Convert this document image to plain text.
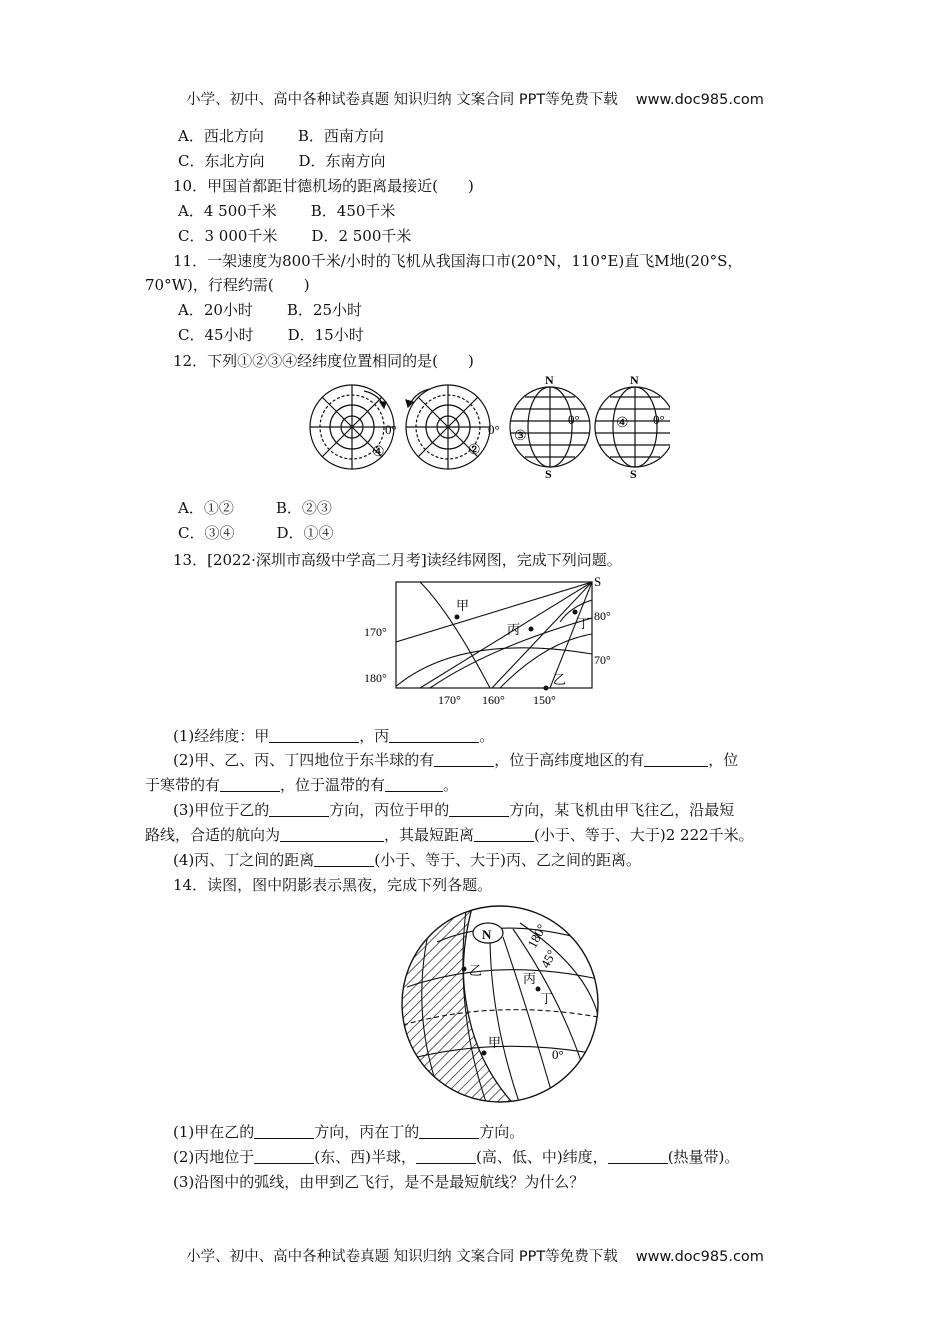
小学、初中、高中各种试卷真题 知识归纳 文案合同 PPT等免费下载 www.doc985.com
A．西北方向 B．西南方向
C．东北方向 D．东南方向
10．甲国首都距甘德机场的距离最接近(　　)
A．4 500千米 B．450千米
C．3 000千米 D．2 500千米
11．一架速度为800千米/小时的飞机从我国海口市(20°N，110°E)直飞M地(20°S，
70°W)，行程约需(　　)
A．20小时 B．25小时
C．45小时 D．15小时
12．下列①②③④经纬度位置相同的是(　　)
0°
④
0°
②
N
S
0°
③
N
S
0°
④
A．①②	B．②③
C．③④	D．①④
13．[2022·深圳市高级中学高二月考]读经纬网图，完成下列问题。
S
甲
丙	丁
乙
80°
70°
170°
180°
170° 160° 150°
(1)经纬度：甲	，丙	。
(2)甲、乙、丙、丁四地位于东半球的有	，位于高纬度地区的有	，位
于寒带的有	，位于温带的有	。
(3)甲位于乙的	方向，丙位于甲的	方向，某飞机由甲飞往乙，沿最短
路线，合适的航向为	，其最短距离	(小于、等于、大于)2 222千米。
(4)丙、丁之间的距离	(小于、等于、大于)丙、乙之间的距离。
14．读图，图中阴影表示黑夜，完成下列各题。
N	180°
45°
0°
乙
丙
丁
甲
(1)甲在乙的	方向，丙在丁的	方向。
(2)丙地位于	(东、西)半球，	(高、低、中)纬度，	(热量带)。
(3)沿图中的弧线，由甲到乙飞行，是不是最短航线？为什么？
小学、初中、高中各种试卷真题 知识归纳 文案合同 PPT等免费下载 www.doc985.com
